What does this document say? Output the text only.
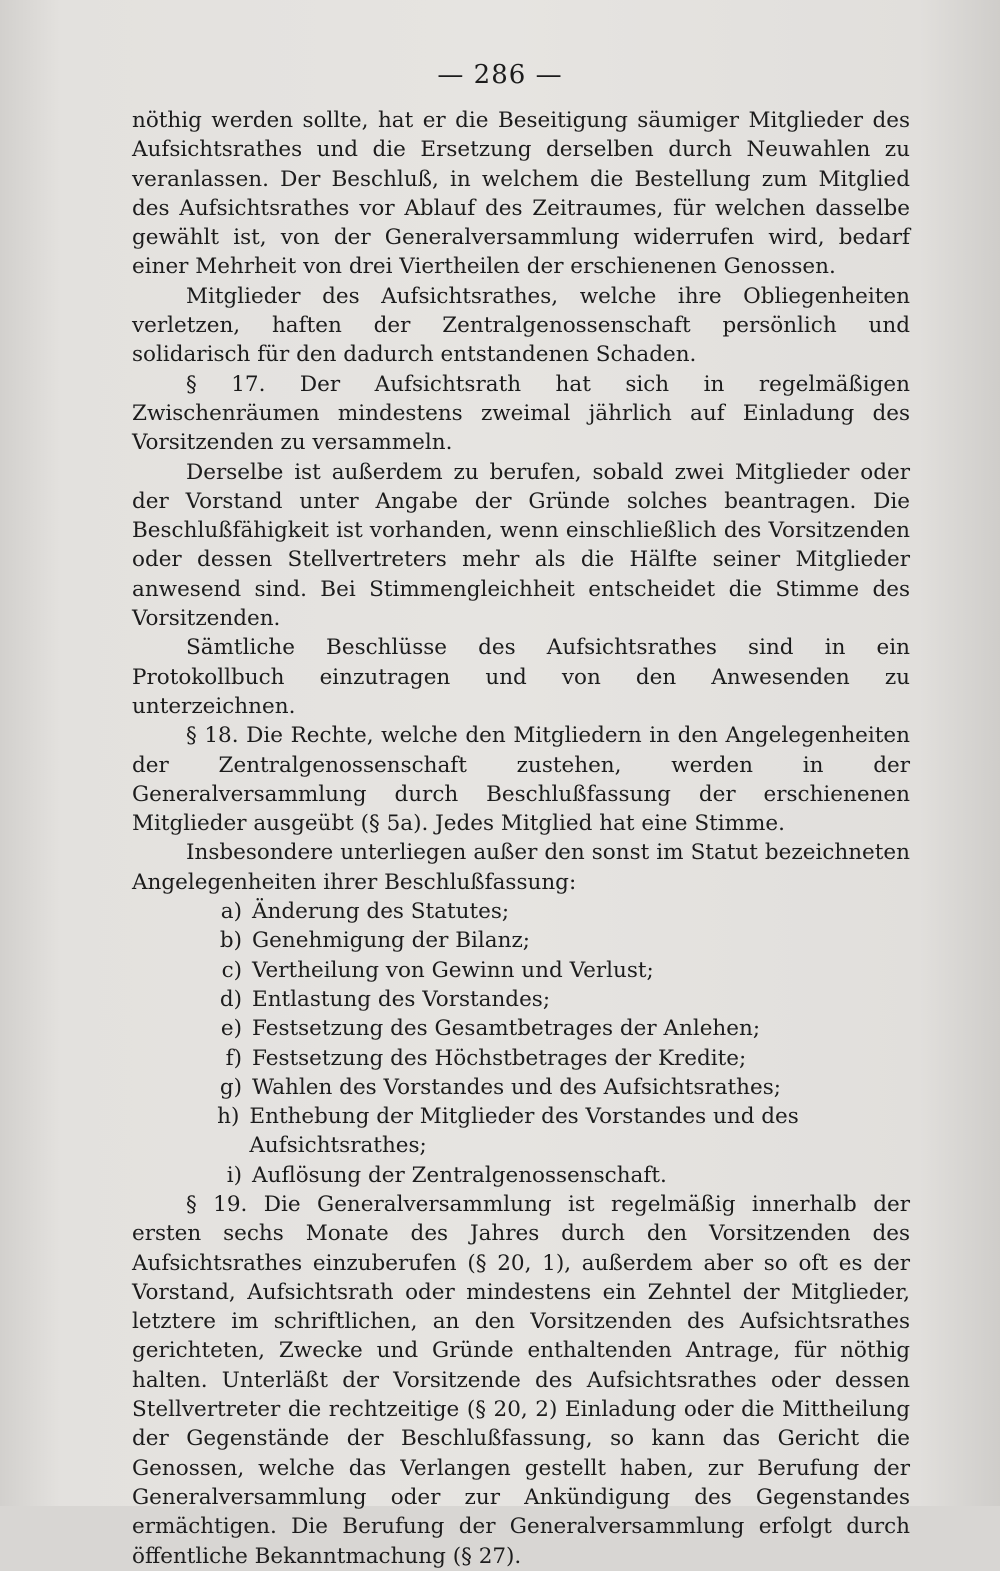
— 286 —

nöthig werden sollte, hat er die Beseitigung säumiger Mitglieder des Aufsichtsrathes und die Ersetzung derselben durch Neuwahlen zu veranlassen. Der Beschluß, in welchem die Bestellung zum Mitglied des Aufsichtsrathes vor Ablauf des Zeitraumes, für welchen dasselbe gewählt ist, von der Generalversammlung widerrufen wird, bedarf einer Mehrheit von drei Viertheilen der erschienenen Genossen.

Mitglieder des Aufsichtsrathes, welche ihre Obliegenheiten verletzen, haften der Zentralgenossenschaft persönlich und solidarisch für den dadurch entstandenen Schaden.

§ 17. Der Aufsichtsrath hat sich in regelmäßigen Zwischenräumen mindestens zweimal jährlich auf Einladung des Vorsitzenden zu versammeln.

Derselbe ist außerdem zu berufen, sobald zwei Mitglieder oder der Vorstand unter Angabe der Gründe solches beantragen. Die Beschlußfähigkeit ist vorhanden, wenn einschließlich des Vorsitzenden oder dessen Stellvertreters mehr als die Hälfte seiner Mitglieder anwesend sind. Bei Stimmengleichheit entscheidet die Stimme des Vorsitzenden.

Sämtliche Beschlüsse des Aufsichtsrathes sind in ein Protokollbuch einzutragen und von den Anwesenden zu unterzeichnen.

§ 18. Die Rechte, welche den Mitgliedern in den Angelegenheiten der Zentralgenossenschaft zustehen, werden in der Generalversammlung durch Beschlußfassung der erschienenen Mitglieder ausgeübt (§ 5a). Jedes Mitglied hat eine Stimme.

Insbesondere unterliegen außer den sonst im Statut bezeichneten Angelegenheiten ihrer Beschlußfassung:

a) Änderung des Statutes;
b) Genehmigung der Bilanz;
c) Vertheilung von Gewinn und Verlust;
d) Entlastung des Vorstandes;
e) Festsetzung des Gesamtbetrages der Anlehen;
f) Festsetzung des Höchstbetrages der Kredite;
g) Wahlen des Vorstandes und des Aufsichtsrathes;
h) Enthebung der Mitglieder des Vorstandes und des Aufsichtsrathes;
i) Auflösung der Zentralgenossenschaft.

§ 19. Die Generalversammlung ist regelmäßig innerhalb der ersten sechs Monate des Jahres durch den Vorsitzenden des Aufsichtsrathes einzuberufen (§ 20, 1), außerdem aber so oft es der Vorstand, Aufsichtsrath oder mindestens ein Zehntel der Mitglieder, letztere im schriftlichen, an den Vorsitzenden des Aufsichtsrathes gerichteten, Zwecke und Gründe enthaltenden Antrage, für nöthig halten. Unterläßt der Vorsitzende des Aufsichtsrathes oder dessen Stellvertreter die rechtzeitige (§ 20, 2) Einladung oder die Mittheilung der Gegenstände der Beschlußfassung, so kann das Gericht die Genossen, welche das Verlangen gestellt haben, zur Berufung der Generalversammlung oder zur Ankündigung des Gegenstandes ermächtigen. Die Berufung der Generalversammlung erfolgt durch öffentliche Bekanntmachung (§ 27).
